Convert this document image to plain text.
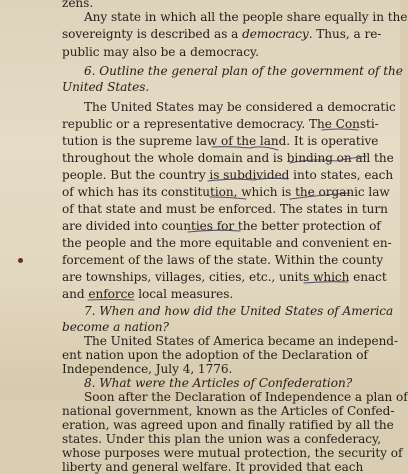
zens.
Any state in which all the people share equally in the
sovereignty is described as a democracy. Thus, a re-
public may also be a democracy.
6. Outline the general plan of the government of the
United States.
The United States may be considered a democratic
republic or a representative democracy. The Consti-
tution is the supreme law of the land. It is operative
throughout the whole domain and is binding on all the
people. But the country is subdivided into states, each
of which has its constitution, which is the organic law
of that state and must be enforced. The states in turn
are divided into counties for the better protection of
the people and the more equitable and convenient en-
forcement of the laws of the state. Within the county
are townships, villages, cities, etc., units which enact
and enforce local measures.
7. When and how did the United States of America
become a nation?
The United States of America became an independ-
ent nation upon the adoption of the Declaration of
Independence, July 4, 1776.
8. What were the Articles of Confederation?
Soon after the Declaration of Independence a plan of
national government, known as the Articles of Confed-
eration, was agreed upon and finally ratified by all the
states. Under this plan the union was a confederacy,
whose purposes were mutual protection, the security of
liberty and general welfare. It provided that each
